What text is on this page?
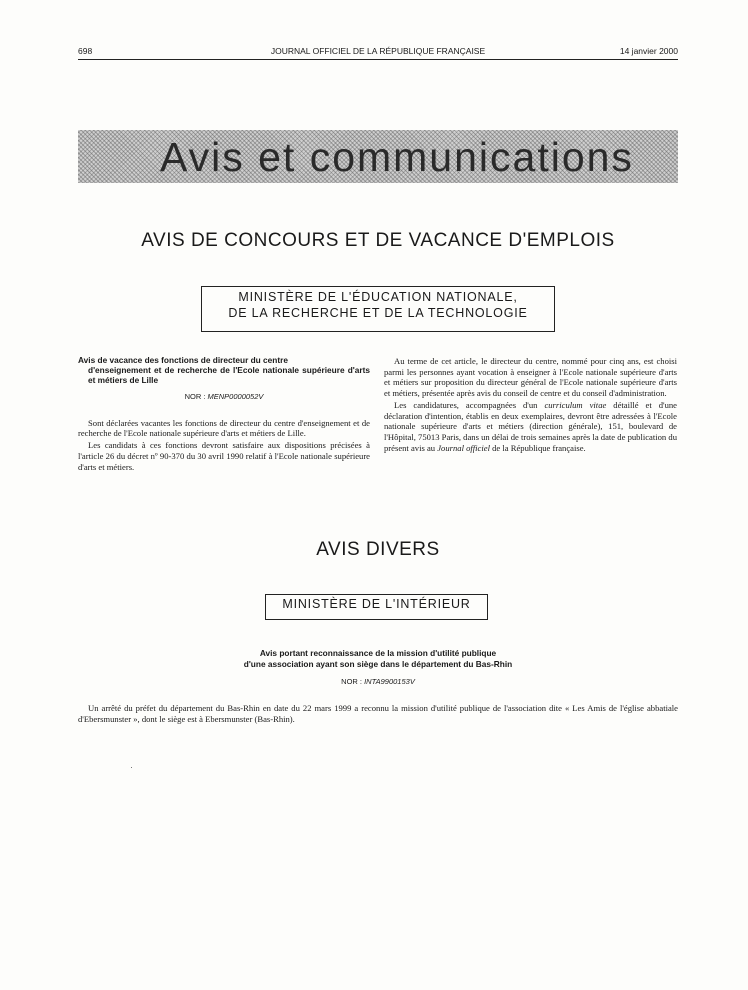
698	JOURNAL OFFICIEL DE LA RÉPUBLIQUE FRANÇAISE	14 janvier 2000
Avis et communications
AVIS DE CONCOURS ET DE VACANCE D'EMPLOIS
MINISTÈRE DE L'ÉDUCATION NATIONALE,
DE LA RECHERCHE ET DE LA TECHNOLOGIE
Avis de vacance des fonctions de directeur du centre
d'enseignement et de recherche de l'Ecole nationale supérieure d'arts et métiers de Lille
NOR : MENP0000052V

Sont déclarées vacantes les fonctions de directeur du centre d'enseignement et de recherche de l'Ecole nationale supérieure d'arts et métiers de Lille.

Les candidats à ces fonctions devront satisfaire aux dispositions précisées à l'article 26 du décret nº 90-370 du 30 avril 1990 relatif à l'Ecole nationale supérieure d'arts et métiers.

Au terme de cet article, le directeur du centre, nommé pour cinq ans, est choisi parmi les personnes ayant vocation à enseigner à l'Ecole nationale supérieure d'arts et métiers sur proposition du directeur général de l'Ecole nationale supérieure d'arts et métiers, présentée après avis du conseil de centre et du conseil d'administration.

Les candidatures, accompagnées d'un curriculum vitae détaillé et d'une déclaration d'intention, établis en deux exemplaires, devront être adressées à l'Ecole nationale supérieure d'arts et métiers (direction générale), 151, boulevard de l'Hôpital, 75013 Paris, dans un délai de trois semaines après la date de publication du présent avis au Journal officiel de la République française.

AVIS DIVERS
MINISTÈRE DE L'INTÉRIEUR
Avis portant reconnaissance de la mission d'utilité publique
d'une association ayant son siège dans le département du Bas-Rhin
NOR : INTA9900153V

Un arrêté du préfet du département du Bas-Rhin en date du 22 mars 1999 a reconnu la mission d'utilité publique de l'association dite « Les Amis de l'église abbatiale d'Ebersmunster », dont le siège est à Ebersmunster (Bas-Rhin).
